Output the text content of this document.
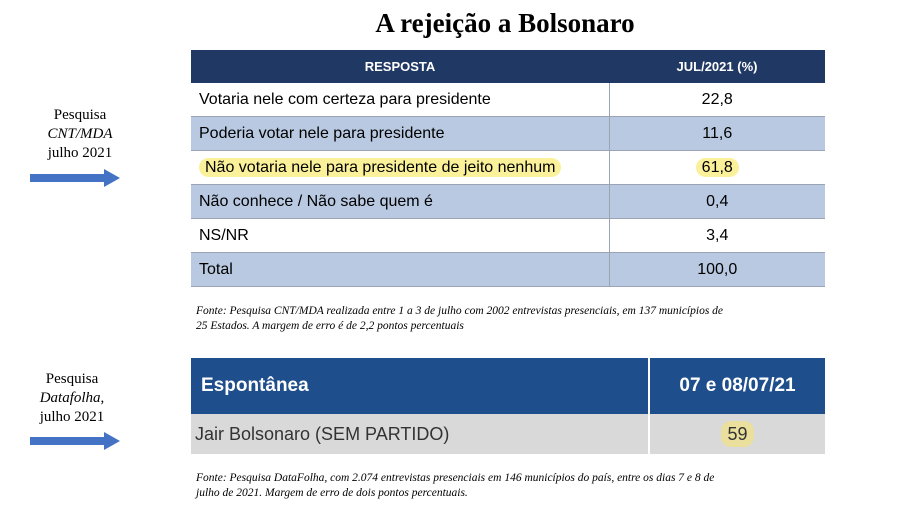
A rejeição a Bolsonaro
Pesquisa
CNT/MDA
julho 2021
RESPOSTA	JUL/2021 (%)
Votaria nele com certeza para presidente	22,8
Poderia votar nele para presidente	11,6
Não votaria nele para presidente de jeito nenhum	61,8
Não conhece / Não sabe quem é	0,4
NS/NR	3,4
Total	100,0
Fonte: Pesquisa CNT/MDA realizada entre 1 a 3 de julho com 2002 entrevistas presenciais, em 137 municípios de
25 Estados. A margem de erro é de 2,2 pontos percentuais
Pesquisa
Datafolha,
julho 2021
Espontânea	07 e 08/07/21
Jair Bolsonaro (SEM PARTIDO)	59
Fonte: Pesquisa DataFolha, com 2.074 entrevistas presenciais em 146 municípios do país, entre os dias 7 e 8 de
julho de 2021. Margem de erro de dois pontos percentuais.
